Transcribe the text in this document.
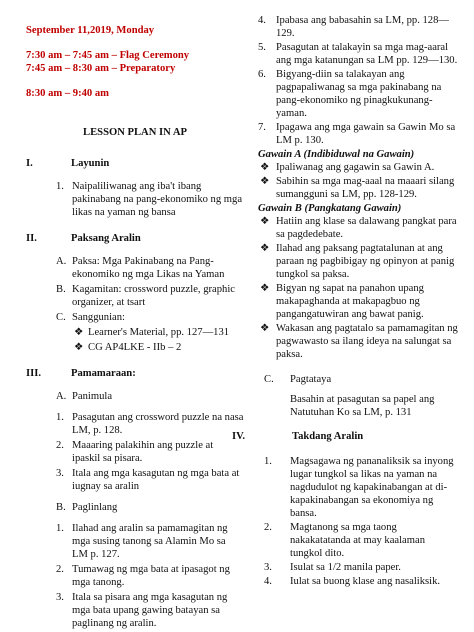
September 11,2019, Monday
7:30 am – 7:45 am – Flag Ceremony
7:45 am – 8:30 am – Preparatory
8:30 am – 9:40 am
LESSON PLAN IN AP
I.	Layunin
1. Naipaliliwanag ang iba't ibang pakinabang na pang-ekonomiko ng mga likas na yaman ng bansa
II.	Paksang Aralin
A. Paksa: Mga Pakinabang na Pang-ekonomiko ng mga Likas na Yaman
B. Kagamitan: crossword puzzle, graphic organizer, at tsart
C. Sanggunian:
❖ Learner's Material, pp. 127—131
❖ CG AP4LKE - IIb – 2
III.	Pamamaraan:
A. Panimula
1. Pasagutan ang crossword puzzle na nasa LM, p. 128.
2. Maaaring palakihin ang puzzle at ipaskil sa pisara.
3. Itala ang mga kasagutan ng mga bata at iugnay sa aralin
B. Paglinlang
1. Ilahad ang aralin sa pamamagitan ng mga susing tanong sa Alamin Mo sa LM p. 127.
2. Tumawag ng mga bata at ipasagot ng mga tanong.
3. Itala sa pisara ang mga kasagutan ng mga bata upang gawing batayan sa paglinang ng aralin.
4. Ipabasa ang babasahin sa LM, pp. 128—129.
5. Pasagutan at talakayin sa mga mag-aaral ang mga katanungan sa LM pp. 129—130.
6. Bigyang-diin sa talakayan ang pagpapaliwanag sa mga pakinabang na pang-ekonomiko ng pinagkukunang-yaman.
7. Ipagawa ang mga gawain sa Gawin Mo sa LM p. 130.
Gawain A (Indibiduwal na Gawain)
❖ Ipaliwanag ang gagawin sa Gawin A.
❖ Sabihin sa mga mag-aaal na maaari silang sumangguni sa LM, pp. 128-129.
Gawain B (Pangkatang Gawain)
❖ Hatiin ang klase sa dalawang pangkat para sa pagdedebate.
❖ Ilahad ang paksang pagtatalunan at ang paraan ng pagbibigay ng opinyon at panig tungkol sa paksa.
❖ Bigyan ng sapat na panahon upang makapaghanda at makapagbuo ng pangangatuwiran ang bawat panig.
❖ Wakasan ang pagtatalo sa pamamagitan ng pagwawasto sa ilang ideya na salungat sa paksa.
C.	Pagtataya
Basahin at pasagutan sa papel ang Natutuhan Ko sa LM, p. 131
IV.	Takdang Aralin
1.	Magsagawa ng pananaliksik sa inyong lugar tungkol sa likas na yaman na nagdudulot ng kapakinabangan at di-kapakinabangan sa ekonomiya ng bansa.
2.	Magtanong sa mga taong nakakatatanda at may kaalaman tungkol dito.
3.	Isulat sa 1/2 manila paper.
4.	Iulat sa buong klase ang nasaliksik.
